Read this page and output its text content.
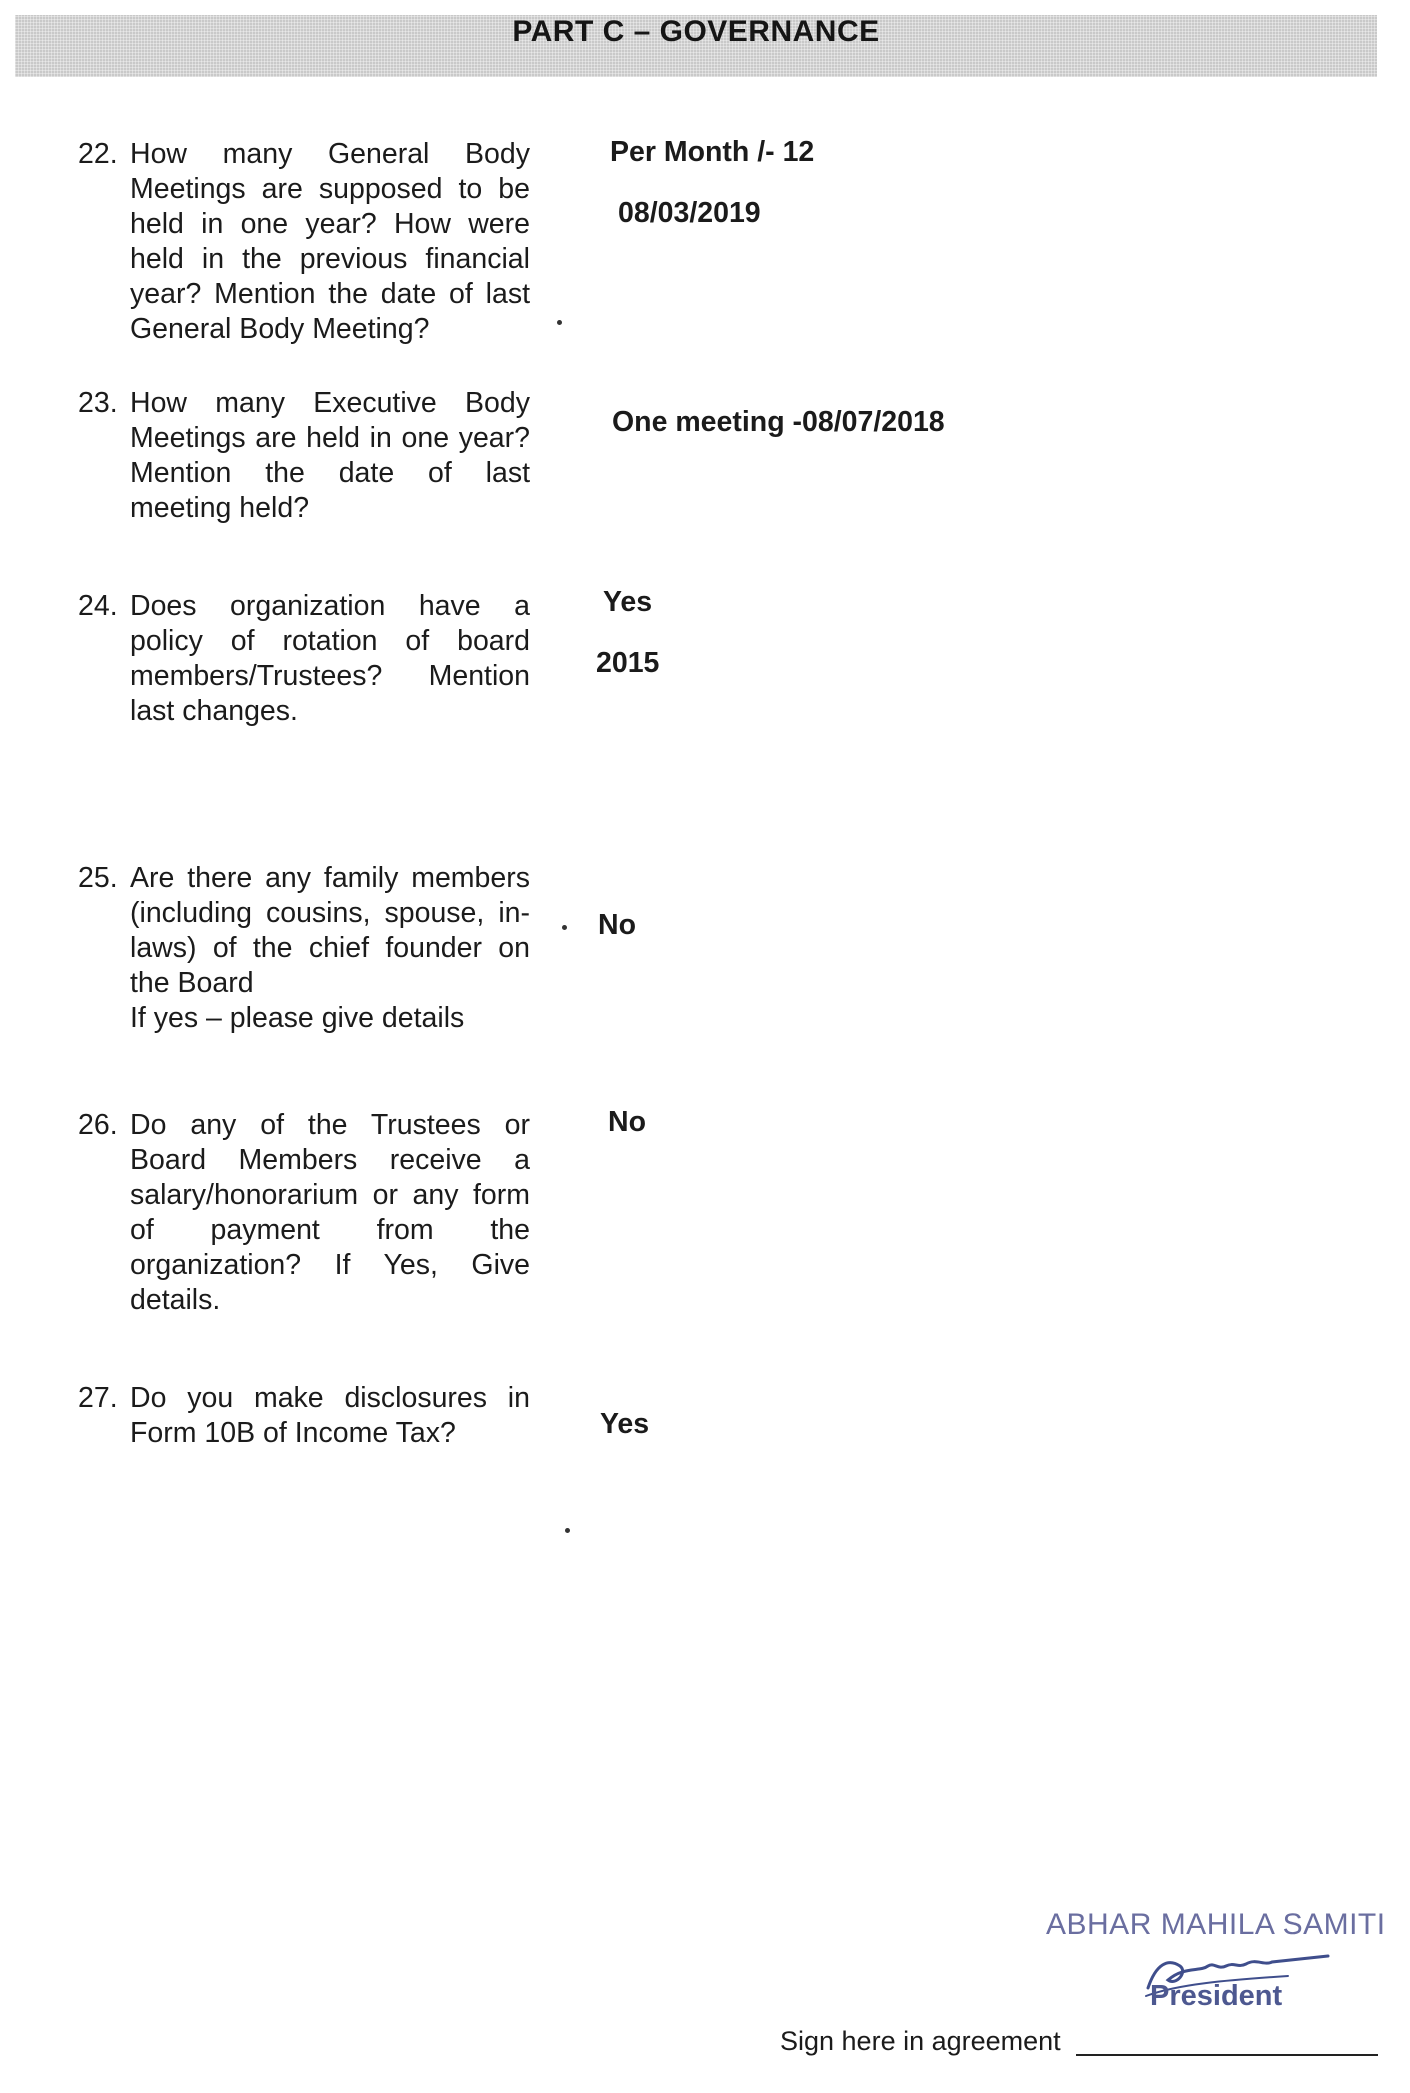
PART C – GOVERNANCE
22. How many General Body Meetings are supposed to be held in one year? How were held in the previous financial year? Mention the date of last General Body Meeting?
Per Month /- 12
08/03/2019
23. How many Executive Body Meetings are held in one year? Mention the date of last meeting held?
One meeting -08/07/2018
24. Does organization have a policy of rotation of board members/Trustees? Mention last changes.
Yes
2015
25. Are there any family members (including cousins, spouse, in-laws) of the chief founder on the Board
If yes – please give details
No
26. Do any of the Trustees or Board Members receive a salary/honorarium or any form of payment from the organization? If Yes, Give details.
No
27. Do you make disclosures in Form 10B of Income Tax?	Yes
ABHAR MAHILA SAMITI
President
Sign here in agreement
